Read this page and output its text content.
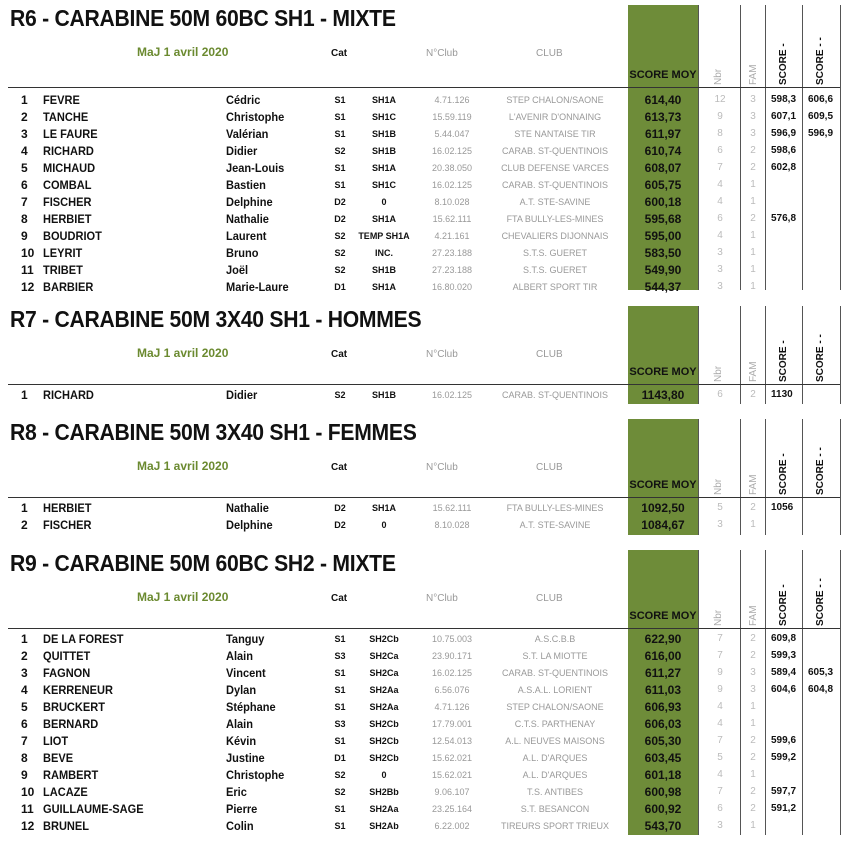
R6 - CARABINE 50M 60BC SH1 - MIXTE
MaJ 1 avril 2020	Cat	N°Club	CLUB
SCORE MOY Nbr FAM SCORE -	SCORE - -
1 FEVRE	Cédric	S1	SH1A	4.71.126	STEP CHALON/SAONE	614,40	12	3	598,3 606,6
2 TANCHE	Christophe	S1	SH1C	15.59.119	L'AVENIR D'ONNAING	613,73	9	3	607,1 609,5
3 LE FAURE	Valérian	S1	SH1B	5.44.047	STE NANTAISE TIR	611,97	8	3	596,9 596,9
4 RICHARD	Didier	S2	SH1B	16.02.125	CARAB. ST-QUENTINOIS	610,74	6	2	598,6
5 MICHAUD	Jean-Louis	S1	SH1A	20.38.050	CLUB DEFENSE VARCES	608,07	7	2	602,8
6 COMBAL	Bastien	S1	SH1C	16.02.125	CARAB. ST-QUENTINOIS	605,75	4	1
7 FISCHER	Delphine	D2	0	8.10.028	A.T. STE-SAVINE	600,18	4	1
8 HERBIET	Nathalie	D2	SH1A	15.62.111	FTA BULLY-LES-MINES	595,68	6	2	576,8
9 BOUDRIOT	Laurent	S2	TEMP SH1A	4.21.161	CHEVALIERS DIJONNAIS	595,00	4	1
10 LEYRIT	Bruno	S2	INC.	27.23.188	S.T.S. GUERET	583,50	3	1
11 TRIBET	Joël	S2	SH1B	27.23.188	S.T.S. GUERET	549,90	3	1
12 BARBIER	Marie-Laure	D1	SH1A	16.80.020	ALBERT SPORT TIR	544,37	3	1
R7 - CARABINE 50M 3X40 SH1 - HOMMES
MaJ 1 avril 2020	Cat	N°Club	CLUB
SCORE MOY Nbr FAM SCORE -	SCORE - -
1 RICHARD	Didier	S2	SH1B	16.02.125	CARAB. ST-QUENTINOIS	1143,80	6	2	1130
R8 - CARABINE 50M 3X40 SH1 - FEMMES
MaJ 1 avril 2020	Cat	N°Club	CLUB
SCORE MOY Nbr FAM SCORE -	SCORE - -
1 HERBIET	Nathalie	D2	SH1A	15.62.111	FTA BULLY-LES-MINES	1092,50	5	2	1056
2 FISCHER	Delphine	D2	0	8.10.028	A.T. STE-SAVINE	1084,67	3	1
R9 - CARABINE 50M 60BC SH2 - MIXTE
MaJ 1 avril 2020	Cat	N°Club	CLUB
SCORE MOY Nbr FAM SCORE -	SCORE - -
1 DE LA FOREST	Tanguy	S1	SH2Cb	10.75.003	A.S.C.B.B	622,90	7	2	609,8
2 QUITTET	Alain	S3	SH2Ca	23.90.171	S.T. LA MIOTTE	616,00	7	2	599,3
3 FAGNON	Vincent	S1	SH2Ca	16.02.125	CARAB. ST-QUENTINOIS	611,27	9	3	589,4 605,3
4 KERRENEUR	Dylan	S1	SH2Aa	6.56.076	A.S.A.L. LORIENT	611,03	9	3	604,6 604,8
5 BRUCKERT	Stéphane	S1	SH2Aa	4.71.126	STEP CHALON/SAONE	606,93	4	1
6 BERNARD	Alain	S3	SH2Cb	17.79.001	C.T.S. PARTHENAY	606,03	4	1
7 LIOT	Kévin	S1	SH2Cb	12.54.013	A.L. NEUVES MAISONS	605,30	7	2	599,6
8 BEVE	Justine	D1	SH2Cb	15.62.021	A.L. D'ARQUES	603,45	5	2	599,2
9 RAMBERT	Christophe	S2	0	15.62.021	A.L. D'ARQUES	601,18	4	1
10 LACAZE	Eric	S2	SH2Bb	9.06.107	T.S. ANTIBES	600,98	7	2	597,7
11 GUILLAUME-SAGE	Pierre	S1	SH2Aa	23.25.164	S.T. BESANCON	600,92	6	2	591,2
12 BRUNEL	Colin	S1	SH2Ab	6.22.002	TIREURS SPORT TRIEUX	543,70	3	1
